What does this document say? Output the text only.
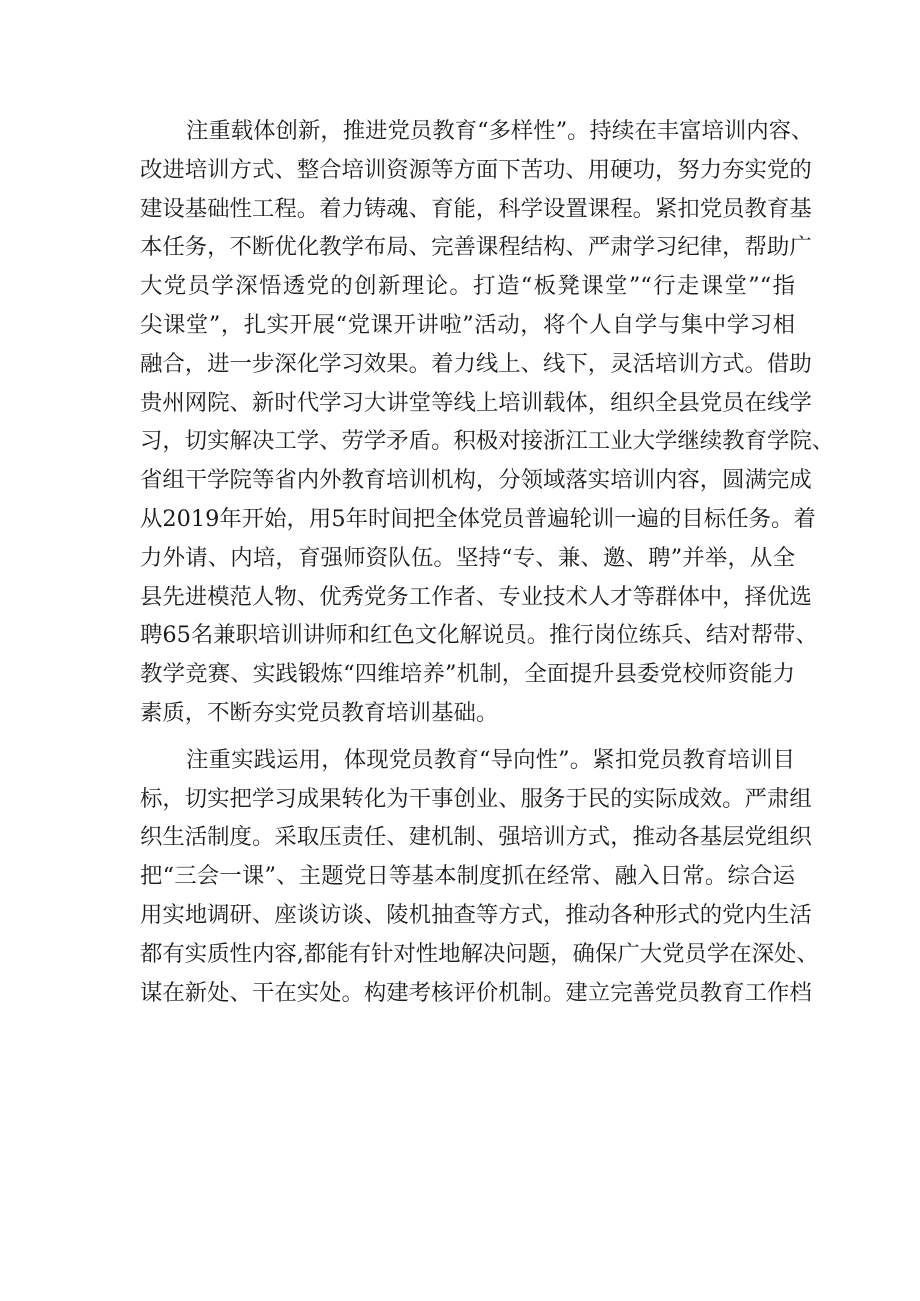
注重载体创新，推进党员教育“多样性”。持续在丰富培训内容、
改进培训方式、整合培训资源等方面下苦功、用硬功，努力夯实党的
建设基础性工程。着力铸魂、育能，科学设置课程。紧扣党员教育基
本任务，不断优化教学布局、完善课程结构、严肃学习纪律，帮助广
大党员学深悟透党的创新理论。打造“板凳课堂”“行走课堂”“指
尖课堂”，扎实开展“党课开讲啦”活动，将个人自学与集中学习相
融合，进一步深化学习效果。着力线上、线下，灵活培训方式。借助
贵州网院、新时代学习大讲堂等线上培训载体，组织全县党员在线学
习，切实解决工学、劳学矛盾。积极对接浙江工业大学继续教育学院、
省组干学院等省内外教育培训机构，分领域落实培训内容，圆满完成
从2019年开始，用5年时间把全体党员普遍轮训一遍的目标任务。着
力外请、内培，育强师资队伍。坚持“专、兼、邀、聘”并举，从全
县先进模范人物、优秀党务工作者、专业技术人才等群体中，择优选
聘65名兼职培训讲师和红色文化解说员。推行岗位练兵、结对帮带、
教学竞赛、实践锻炼“四维培养”机制，全面提升县委党校师资能力
素质，不断夯实党员教育培训基础。
注重实践运用，体现党员教育“导向性”。紧扣党员教育培训目
标，切实把学习成果转化为干事创业、服务于民的实际成效。严肃组
织生活制度。采取压责任、建机制、强培训方式，推动各基层党组织
把“三会一课”、主题党日等基本制度抓在经常、融入日常。综合运
用实地调研、座谈访谈、陵机抽查等方式，推动各种形式的党内生活
都有实质性内容,都能有针对性地解决问题，确保广大党员学在深处、
谋在新处、干在实处。构建考核评价机制。建立完善党员教育工作档
